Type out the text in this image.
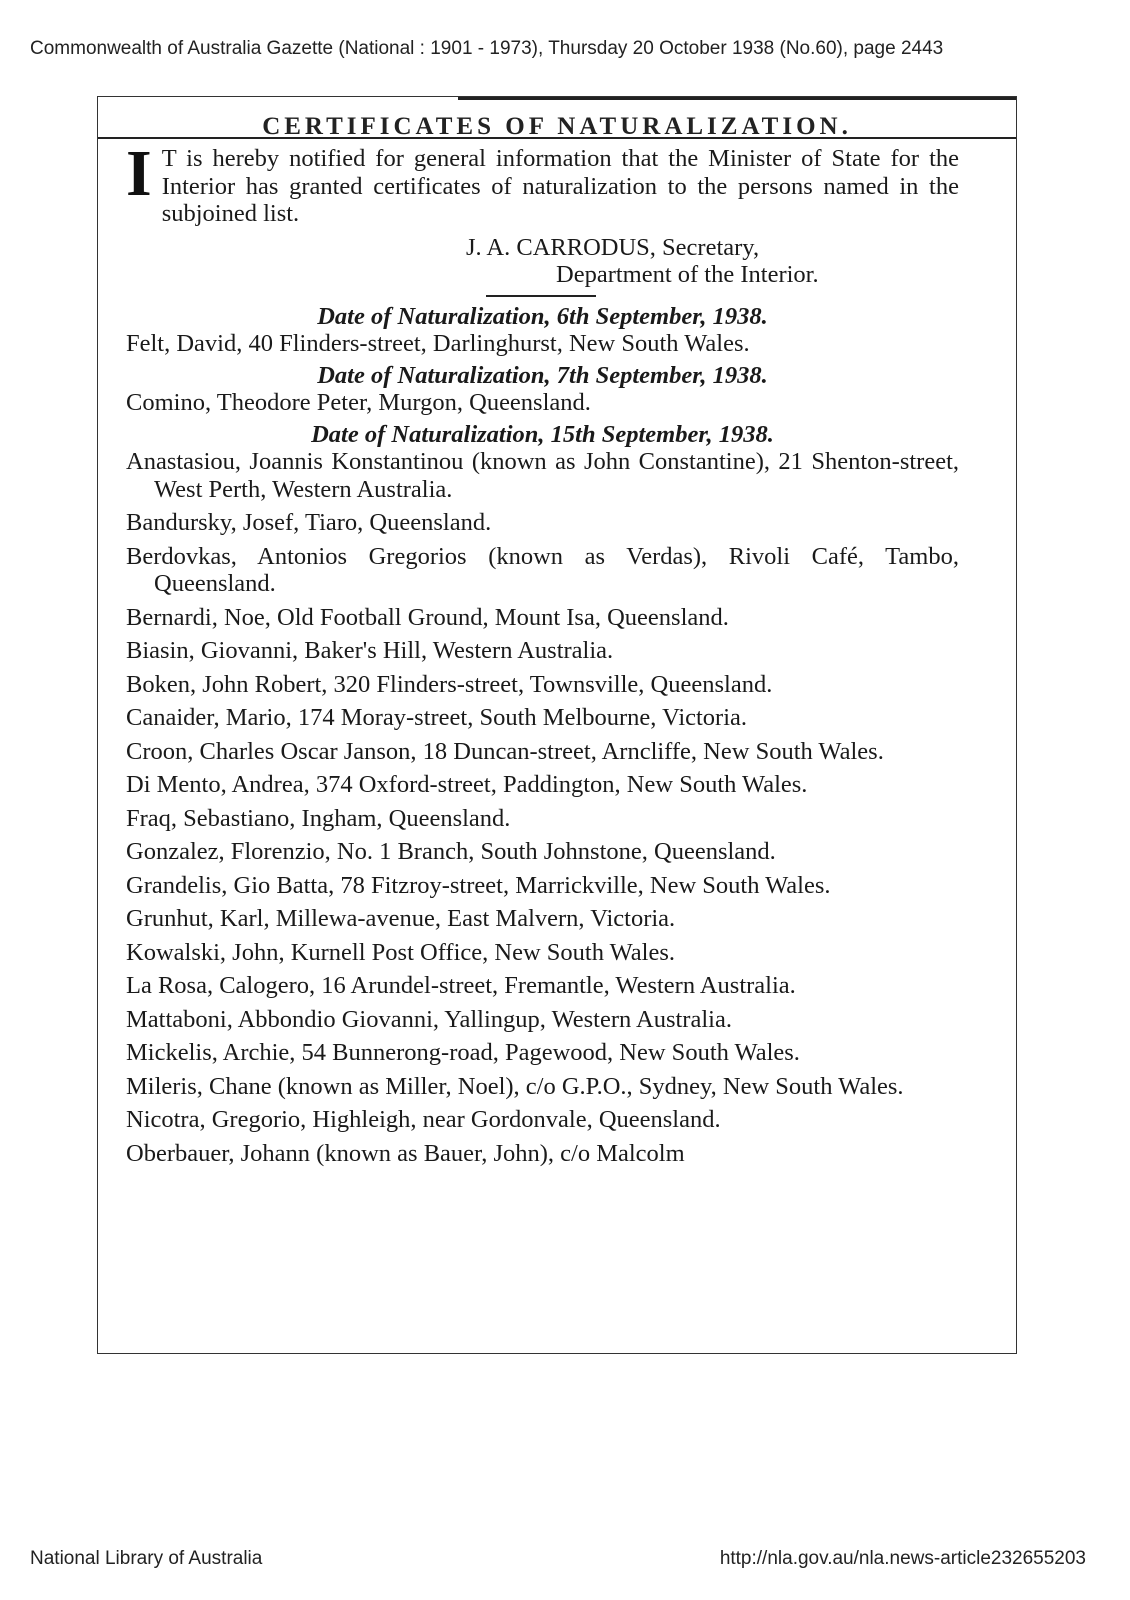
Commonwealth of Australia Gazette (National : 1901 - 1973), Thursday 20 October 1938 (No.60), page 2443
CERTIFICATES OF NATURALIZATION.
I T is hereby notified for general information that the Minister of State for the Interior has granted certificates of naturalization to the persons named in the subjoined list.

J. A. CARRODUS, Secretary,
Department of the Interior.
Date of Naturalization, 6th September, 1938.

Felt, David, 40 Flinders-street, Darlinghurst, New South Wales.

Date of Naturalization, 7th September, 1938.

Comino, Theodore Peter, Murgon, Queensland.

Date of Naturalization, 15th September, 1938.

Anastasiou, Joannis Konstantinou (known as John Constantine), 21 Shenton-street, West Perth, Western Australia.

Bandursky, Josef, Tiaro, Queensland.

Berdovkas, Antonios Gregorios (known as Verdas), Rivoli Café, Tambo, Queensland.

Bernardi, Noe, Old Football Ground, Mount Isa, Queensland.

Biasin, Giovanni, Baker's Hill, Western Australia.

Boken, John Robert, 320 Flinders-street, Townsville, Queensland.

Canaider, Mario, 174 Moray-street, South Melbourne, Victoria.

Croon, Charles Oscar Janson, 18 Duncan-street, Arncliffe, New South Wales.

Di Mento, Andrea, 374 Oxford-street, Paddington, New South Wales.

Fraq, Sebastiano, Ingham, Queensland.

Gonzalez, Florenzio, No. 1 Branch, South Johnstone, Queensland.

Grandelis, Gio Batta, 78 Fitzroy-street, Marrickville, New South Wales.

Grunhut, Karl, Millewa-avenue, East Malvern, Victoria.

Kowalski, John, Kurnell Post Office, New South Wales.

La Rosa, Calogero, 16 Arundel-street, Fremantle, Western Australia.

Mattaboni, Abbondio Giovanni, Yallingup, Western Australia.

Mickelis, Archie, 54 Bunnerong-road, Pagewood, New South Wales.

Mileris, Chane (known as Miller, Noel), c/o G.P.O., Sydney, New South Wales.

Nicotra, Gregorio, Highleigh, near Gordonvale, Queensland.

Oberbauer, Johann (known as Bauer, John), c/o Malcolm

National Library of Australia	http://nla.gov.au/nla.news-article232655203
